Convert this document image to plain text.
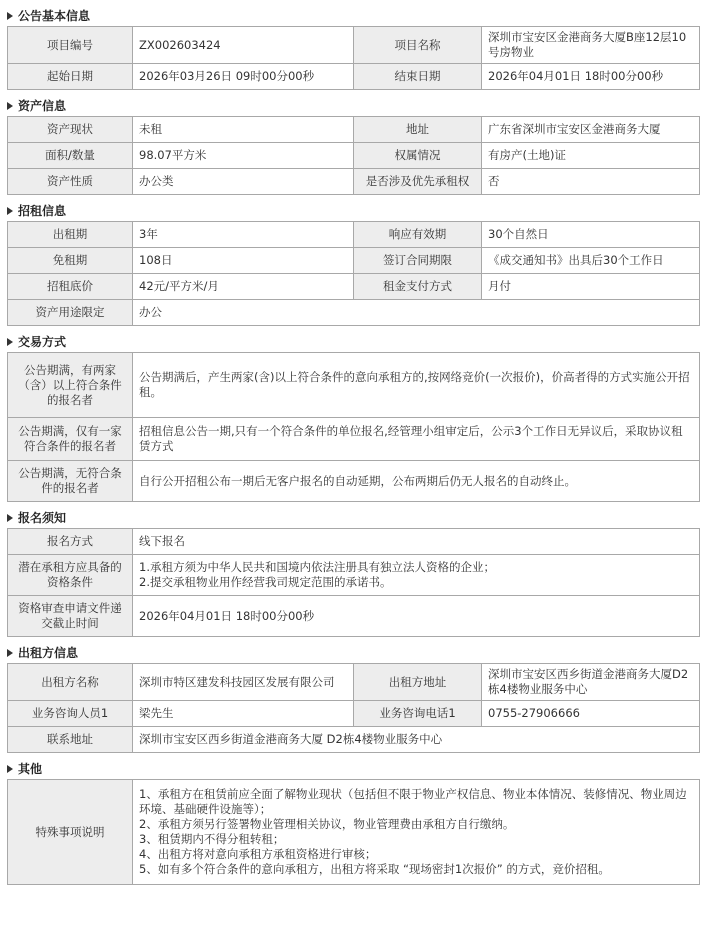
公告基本信息
项目编号	ZX002603424	项目名称	深圳市宝安区金港商务大厦B座12层10号房物业
起始日期	2026年03月26日 09时00分00秒	结束日期	2026年04月01日 18时00分00秒
资产信息
资产现状	未租	地址	广东省深圳市宝安区金港商务大厦
面积/数量	98.07平方米	权属情况	有房产(土地)证
资产性质	办公类	是否涉及优先承租权	否
招租信息
出租期	3年	响应有效期	30个自然日
免租期	108日	签订合同期限	《成交通知书》出具后30个工作日
招租底价	42元/平方米/月	租金支付方式	月付
资产用途限定	办公		
交易方式
公告期满，有两家（含）以上符合条件的报名者	公告期满后，产生两家(含)以上符合条件的意向承租方的,按网络竞价(一次报价)，价高者得的方式实施公开招租。
公告期满，仅有一家符合条件的报名者	招租信息公告一期,只有一个符合条件的单位报名,经管理小组审定后，公示3个工作日无异议后，采取协议租赁方式
公告期满，无符合条件的报名者	自行公开招租公布一期后无客户报名的自动延期，公布两期后仍无人报名的自动终止。
报名须知
报名方式	线下报名
潜在承租方应具备的资格条件	1.承租方须为中华人民共和国境内依法注册具有独立法人资格的企业；
2.提交承租物业用作经营我司规定范围的承诺书。
资格审查申请文件递交截止时间	2026年04月01日 18时00分00秒
出租方信息
出租方名称	深圳市特区建发科技园区发展有限公司	出租方地址	深圳市宝安区西乡街道金港商务大厦D2栋4楼物业服务中心
业务咨询人员1	梁先生	业务咨询电话1	0755-27906666
联系地址	深圳市宝安区西乡街道金港商务大厦 D2栋4楼物业服务中心		
其他
特殊事项说明	1、承租方在租赁前应全面了解物业现状（包括但不限于物业产权信息、物业本体情况、装修情况、物业周边环境、基础硬件设施等）；
2、承租方须另行签署物业管理相关协议，物业管理费由承租方自行缴纳。
3、租赁期内不得分租转租；
4、出租方将对意向承租方承租资格进行审核；
5、如有多个符合条件的意向承租方，出租方将采取 “现场密封1次报价” 的方式，竞价招租。
